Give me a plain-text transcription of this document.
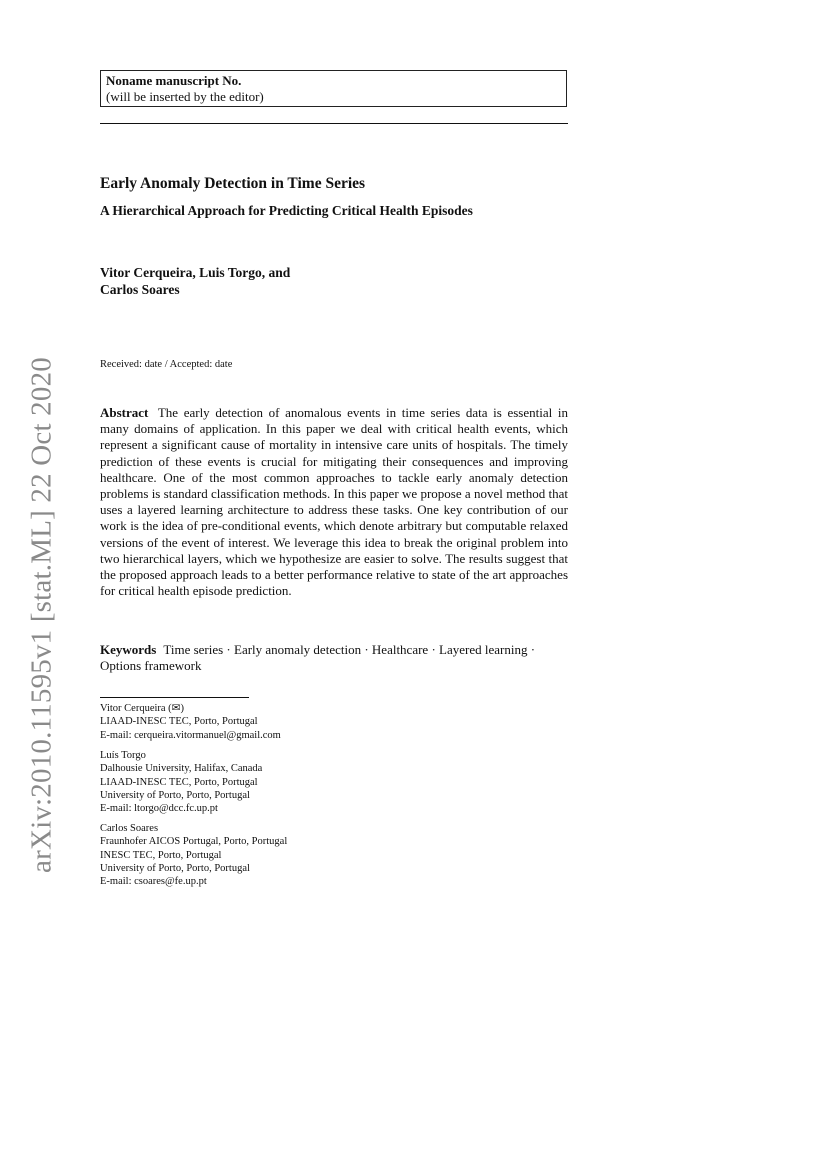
Noname manuscript No.
(will be inserted by the editor)
Early Anomaly Detection in Time Series
A Hierarchical Approach for Predicting Critical Health Episodes
Vitor Cerqueira, Luis Torgo, and
Carlos Soares
Received: date / Accepted: date
Abstract The early detection of anomalous events in time series data is essential in many domains of application. In this paper we deal with critical health events, which represent a significant cause of mortality in intensive care units of hospitals. The timely prediction of these events is crucial for mitigating their consequences and improving healthcare. One of the most common approaches to tackle early anomaly detection problems is standard classification methods. In this paper we propose a novel method that uses a layered learning architecture to address these tasks. One key contribution of our work is the idea of pre-conditional events, which denote arbitrary but computable relaxed versions of the event of interest. We leverage this idea to break the original problem into two hierarchical layers, which we hypothesize are easier to solve. The results suggest that the proposed approach leads to a better performance relative to state of the art approaches for critical health episode prediction.
Keywords Time series · Early anomaly detection · Healthcare · Layered learning · Options framework
Vitor Cerqueira (✉)
LIAAD-INESC TEC, Porto, Portugal
E-mail: cerqueira.vitormanuel@gmail.com
Luís Torgo
Dalhousie University, Halifax, Canada
LIAAD-INESC TEC, Porto, Portugal
University of Porto, Porto, Portugal
E-mail: ltorgo@dcc.fc.up.pt
Carlos Soares
Fraunhofer AICOS Portugal, Porto, Portugal
INESC TEC, Porto, Portugal
University of Porto, Porto, Portugal
E-mail: csoares@fe.up.pt
arXiv:2010.11595v1 [stat.ML] 22 Oct 2020
